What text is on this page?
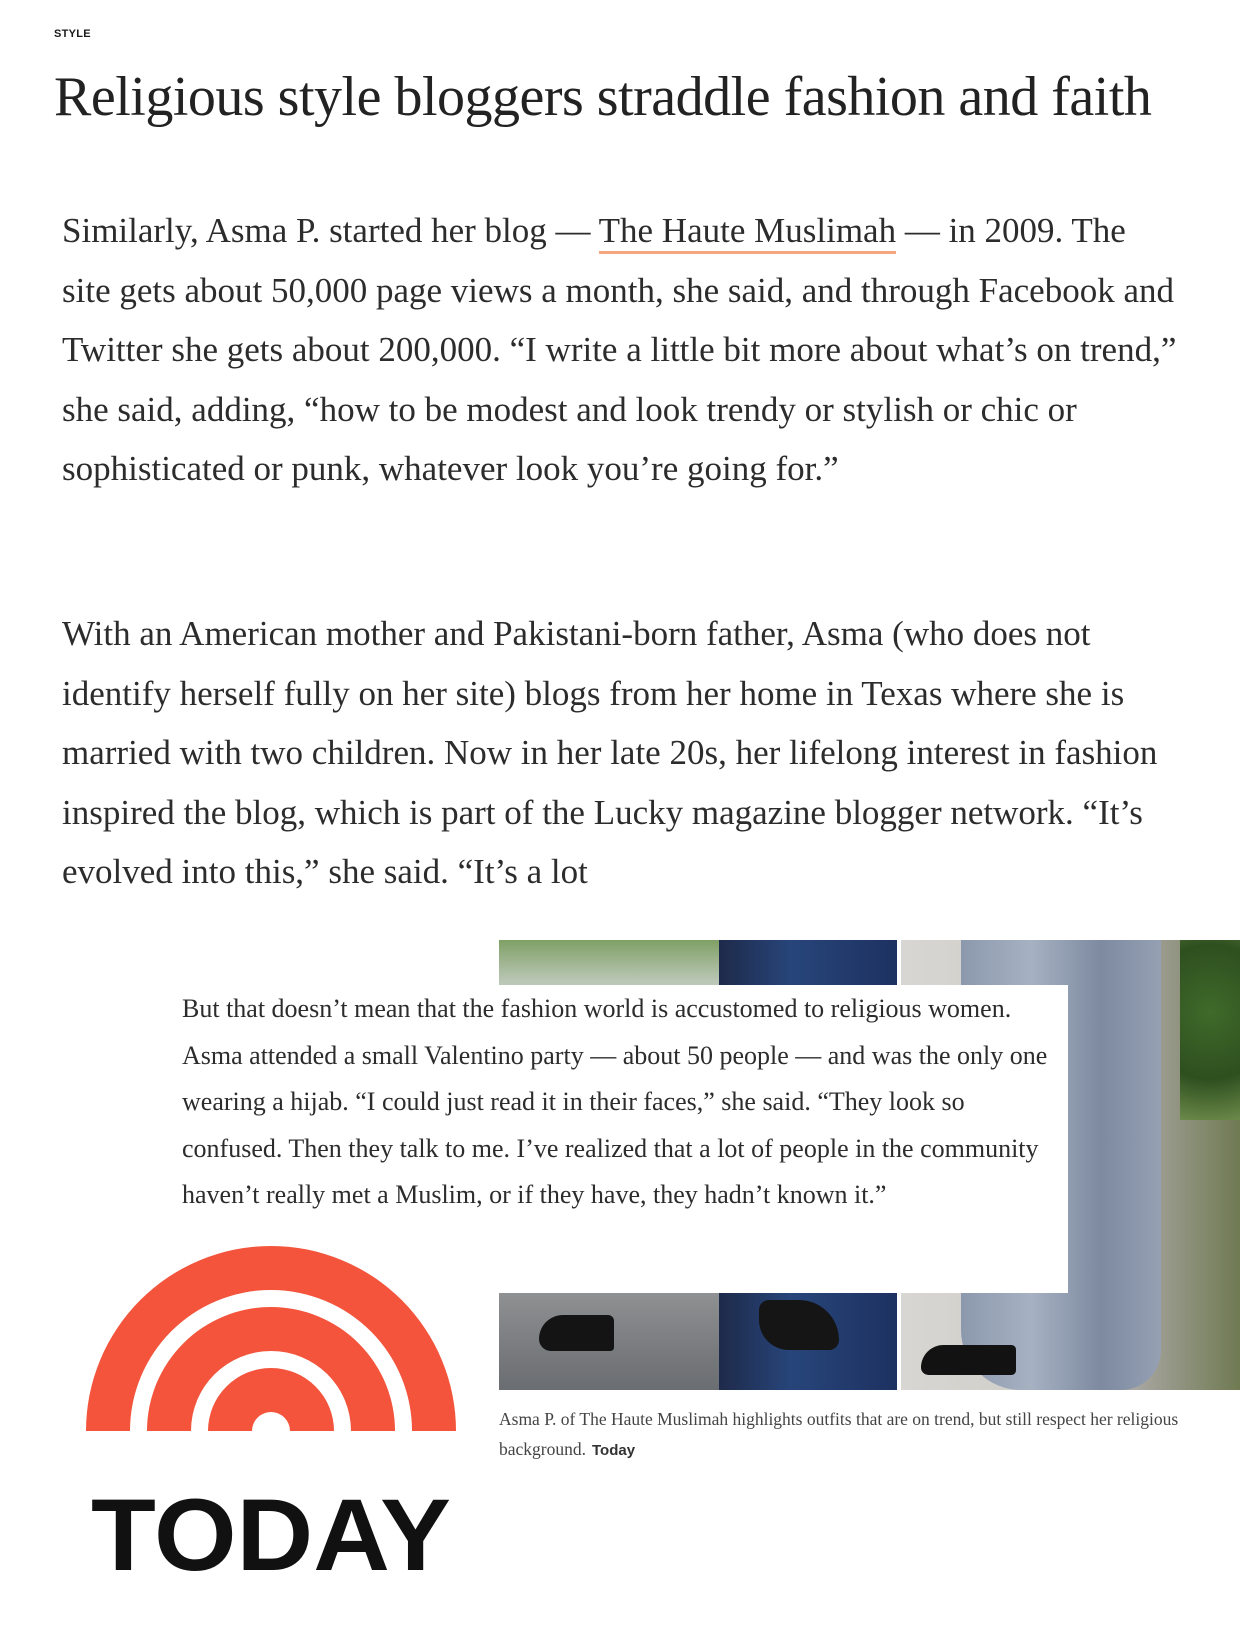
STYLE
Religious style bloggers straddle fashion and faith

Similarly, Asma P. started her blog — The Haute Muslimah — in 2009. The site gets about 50,000 page views a month, she said, and through Facebook and Twitter she gets about 200,000. “I write a little bit more about what’s on trend,” she said, adding, “how to be modest and look trendy or stylish or chic or sophisticated or punk, whatever look you’re going for.”

With an American mother and Pakistani-born father, Asma (who does not identify herself fully on her site) blogs from her home in Texas where she is married with two children. Now in her late 20s, her lifelong interest in fashion inspired the blog, which is part of the Lucky magazine blogger network. “It’s evolved into this,” she said. “It’s a lot

But that doesn’t mean that the fashion world is accustomed to religious women. Asma attended a small Valentino party — about 50 people — and was the only one wearing a hijab. “I could just read it in their faces,” she said. “They look so confused. Then they talk to me. I’ve realized that a lot of people in the community haven’t really met a Muslim, or if they have, they hadn’t known it.”

Asma P. of The Haute Muslimah highlights outfits that are on trend, but still respect her religious background. Today

TODAY
